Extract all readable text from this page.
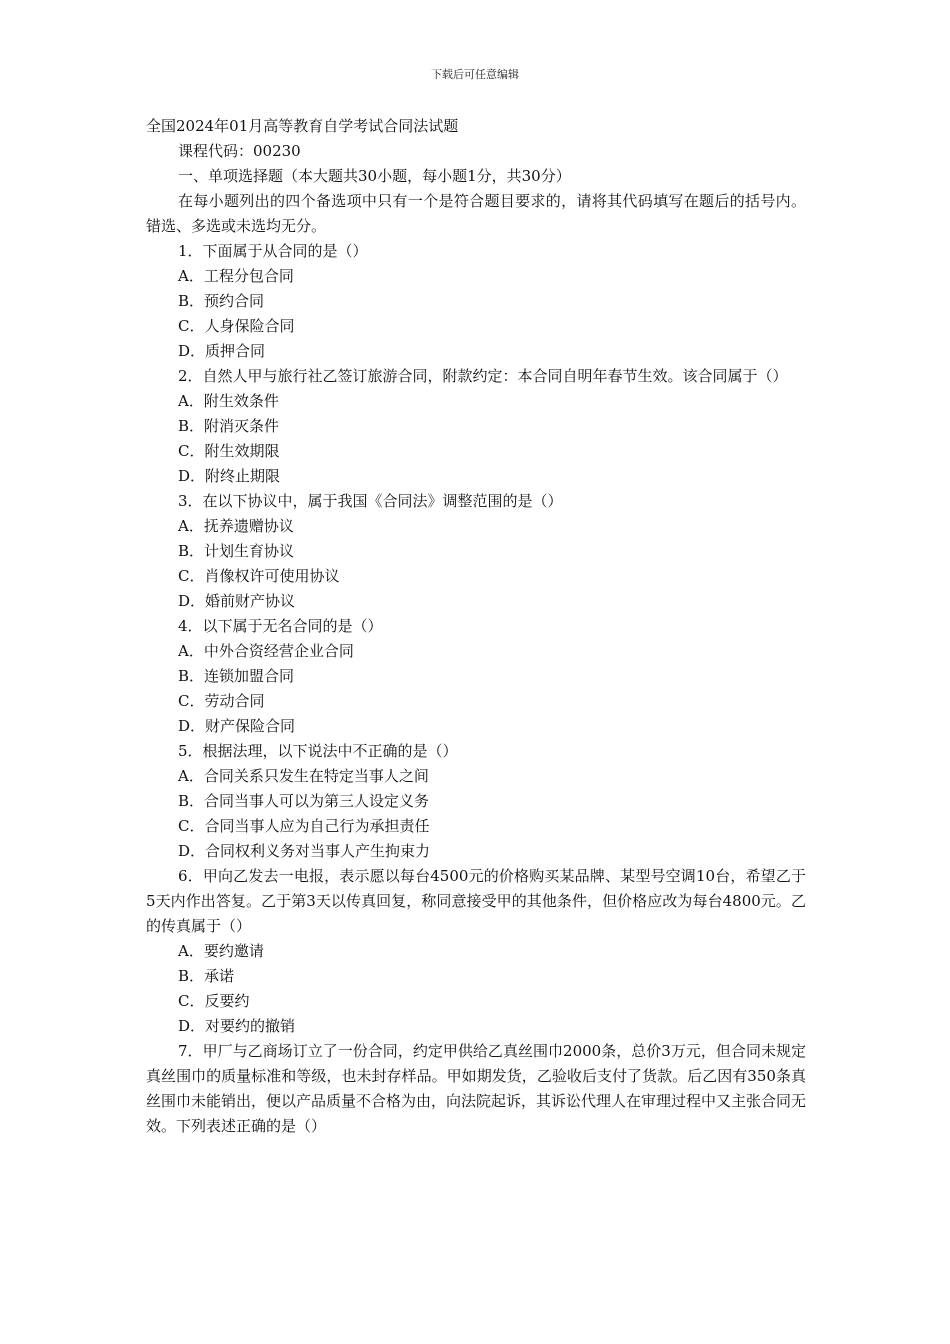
下载后可任意编辑
全国2024年01月高等教育自学考试合同法试题
课程代码：00230
一、单项选择题（本大题共30小题，每小题1分，共30分）
在每小题列出的四个备选项中只有一个是符合题目要求的，请将其代码填写在题后的括号内。错选、多选或未选均无分。
1．下面属于从合同的是（）
A．工程分包合同
B．预约合同
C．人身保险合同
D．质押合同
2．自然人甲与旅行社乙签订旅游合同，附款约定：本合同自明年春节生效。该合同属于（）
A．附生效条件
B．附消灭条件
C．附生效期限
D．附终止期限
3．在以下协议中，属于我国《合同法》调整范围的是（）
A．抚养遗赠协议
B．计划生育协议
C．肖像权许可使用协议
D．婚前财产协议
4．以下属于无名合同的是（）
A．中外合资经营企业合同
B．连锁加盟合同
C．劳动合同
D．财产保险合同
5．根据法理，以下说法中不正确的是（）
A．合同关系只发生在特定当事人之间
B．合同当事人可以为第三人设定义务
C．合同当事人应为自己行为承担责任
D．合同权利义务对当事人产生拘束力
6．甲向乙发去一电报，表示愿以每台4500元的价格购买某品牌、某型号空调10台，希望乙于5天内作出答复。乙于第3天以传真回复，称同意接受甲的其他条件，但价格应改为每台4800元。乙的传真属于（）
A．要约邀请
B．承诺
C．反要约
D．对要约的撤销
7．甲厂与乙商场订立了一份合同，约定甲供给乙真丝围巾2000条，总价3万元，但合同未规定真丝围巾的质量标准和等级，也未封存样品。甲如期发货，乙验收后支付了货款。后乙因有350条真丝围巾未能销出，便以产品质量不合格为由，向法院起诉，其诉讼代理人在审理过程中又主张合同无效。下列表述正确的是（）
